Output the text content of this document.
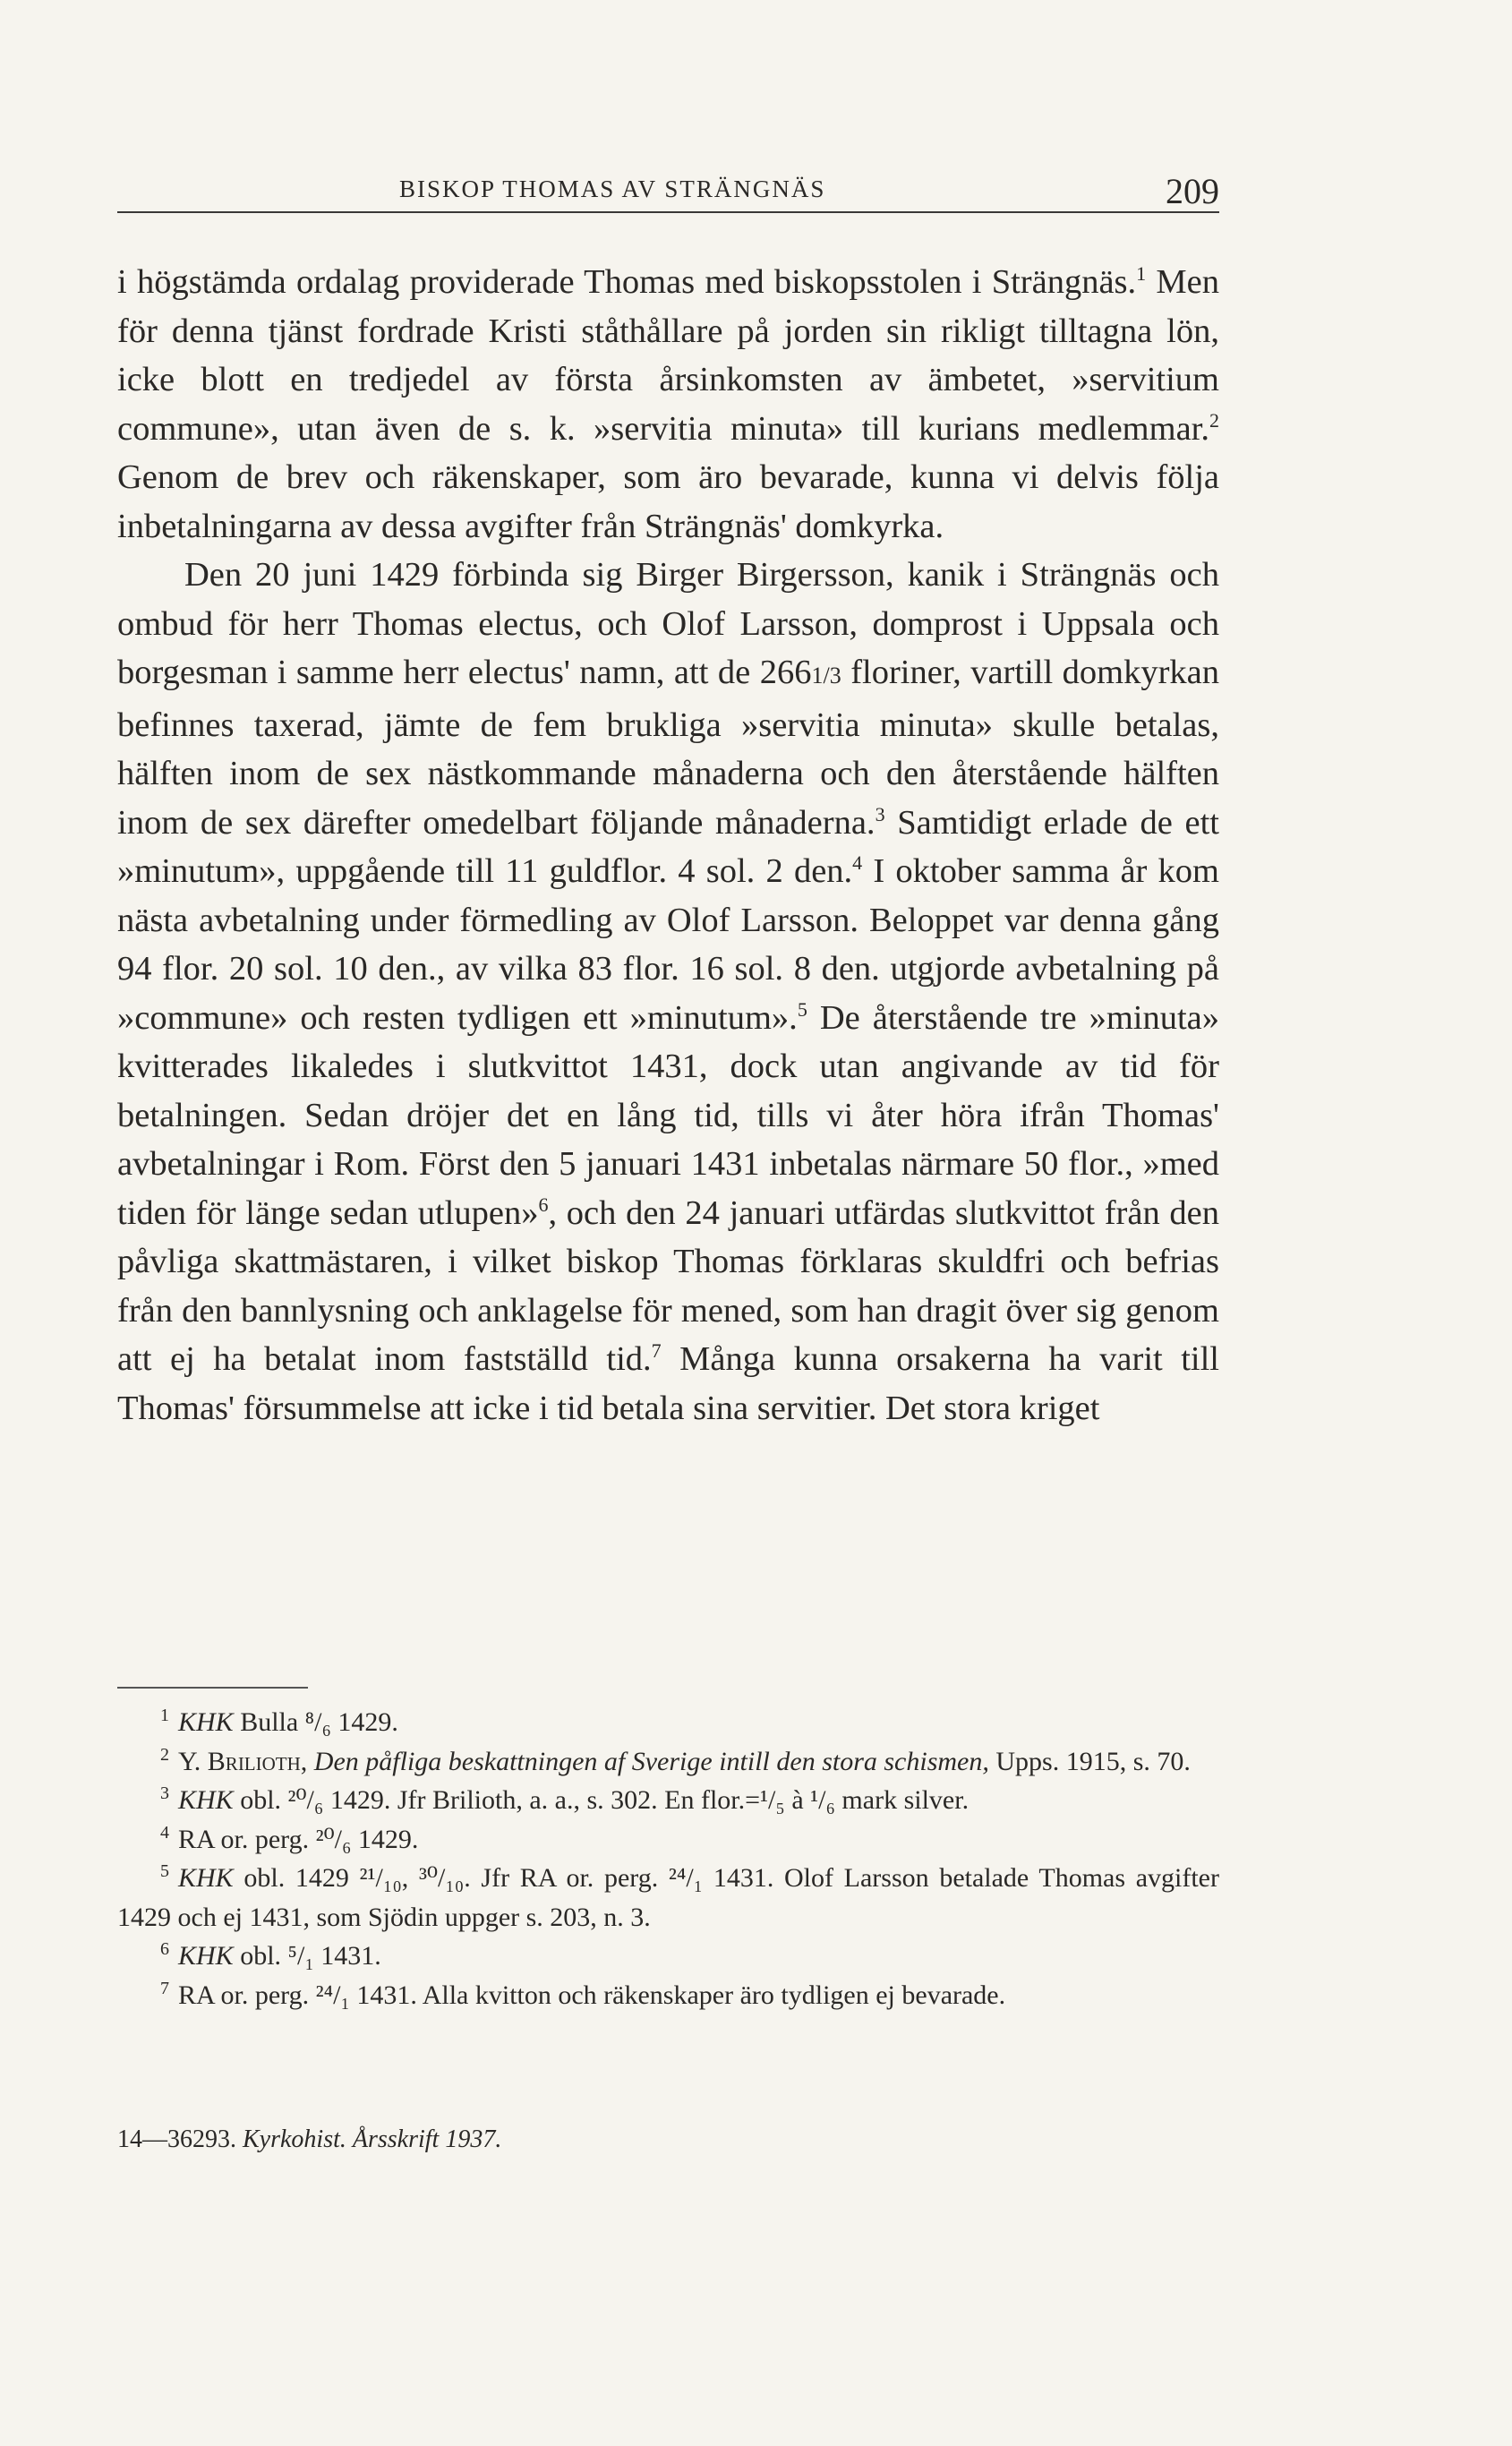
BISKOP THOMAS AV STRÄNGNÄS	209

i högstämda ordalag providerade Thomas med biskopsstolen i Strängnäs.$^1$ Men för denna tjänst fordrade Kristi ståthållare på jorden sin rikligt tilltagna lön, icke blott en tredjedel av första årsinkomsten av ämbetet, »servitium commune», utan även de s. k. »servitia minuta» till kurians medlemmar.$^2$ Genom de brev och räkenskaper, som äro bevarade, kunna vi delvis följa inbetalningarna av dessa avgifter från Strängnäs' domkyrka.

Den 20 juni 1429 förbinda sig Birger Birgersson, kanik i Strängnäs och ombud för herr Thomas electus, och Olof Larsson, domprost i Uppsala och borgesman i samme herr electus' namn, att de 2661/3 floriner, vartill domkyrkan befinnes taxerad, jämte de fem brukliga »servitia minuta» skulle betalas, hälften inom de sex nästkommande månaderna och den återstående hälften inom de sex därefter omedelbart följande månaderna.$^3$ Samtidigt erlade de ett »minutum», uppgående till 11 guldflor. 4 sol. 2 den.$^4$ I oktober samma år kom nästa avbetalning under förmedling av Olof Larsson. Beloppet var denna gång 94 flor. 20 sol. 10 den., av vilka 83 flor. 16 sol. 8 den. utgjorde avbetalning på »commune» och resten tydligen ett »minutum».$^5$ De återstående tre »minuta» kvitterades likaledes i slutkvittot 1431, dock utan angivande av tid för betalningen. Sedan dröjer det en lång tid, tills vi åter höra ifrån Thomas' avbetalningar i Rom. Först den 5 januari 1431 inbetalas närmare 50 flor., »med tiden för länge sedan utlupen»$^6$, och den 24 januari utfärdas slutkvittot från den påvliga skattmästaren, i vilket biskop Thomas förklaras skuldfri och befrias från den bannlysning och anklagelse för mened, som han dragit över sig genom att ej ha betalat inom fastställd tid.$^7$ Många kunna orsakerna ha varit till Thomas' försummelse att icke i tid betala sina servitier. Det stora kriget

$^1$ KHK Bulla ⁸/₆ 1429.

$^2$ Y. Brilioth, Den påfliga beskattningen af Sverige intill den stora schismen, Upps. 1915, s. 70.

$^3$ KHK obl. ²⁰/₆ 1429. Jfr Brilioth, a. a., s. 302. En flor.=¹/₅ à ¹/₆ mark silver.

$^4$ RA or. perg. ²⁰/₆ 1429.

$^5$ KHK obl. 1429 ²¹/₁₀, ³⁰/₁₀. Jfr RA or. perg. ²⁴/₁ 1431. Olof Larsson betalade Thomas avgifter 1429 och ej 1431, som Sjödin uppger s. 203, n. 3.

$^6$ KHK obl. ⁵/₁ 1431.

$^7$ RA or. perg. ²⁴/₁ 1431. Alla kvitton och räkenskaper äro tydligen ej bevarade.

14—36293. Kyrkohist. Årsskrift 1937.
